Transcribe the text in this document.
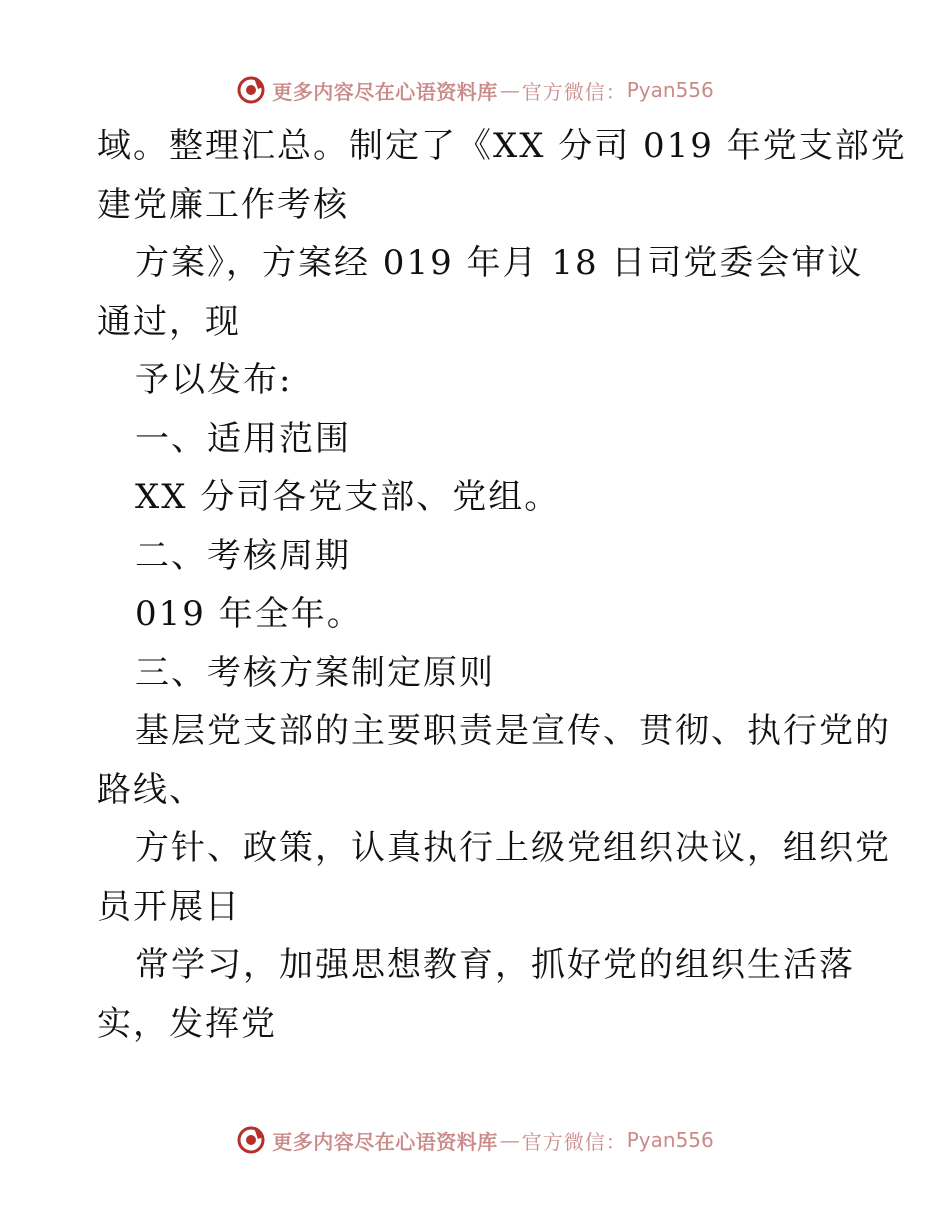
更多内容尽在心语资料库 — 官方微信： Pyan556
域。整理汇总。制定了《XX 分司 019 年党支部党
建党廉工作考核
方案》，方案经 019 年月 18 日司党委会审议
通过，现
予以发布:
一、适用范围
XX 分司各党支部、党组。
二、考核周期
019 年全年。
三、考核方案制定原则
基层党支部的主要职责是宣传、贯彻、执行党的
路线、
方针、政策，认真执行上级党组织决议，组织党
员开展日
常学习，加强思想教育，抓好党的组织生活落
实，发挥党
更多内容尽在心语资料库 — 官方微信： Pyan556
